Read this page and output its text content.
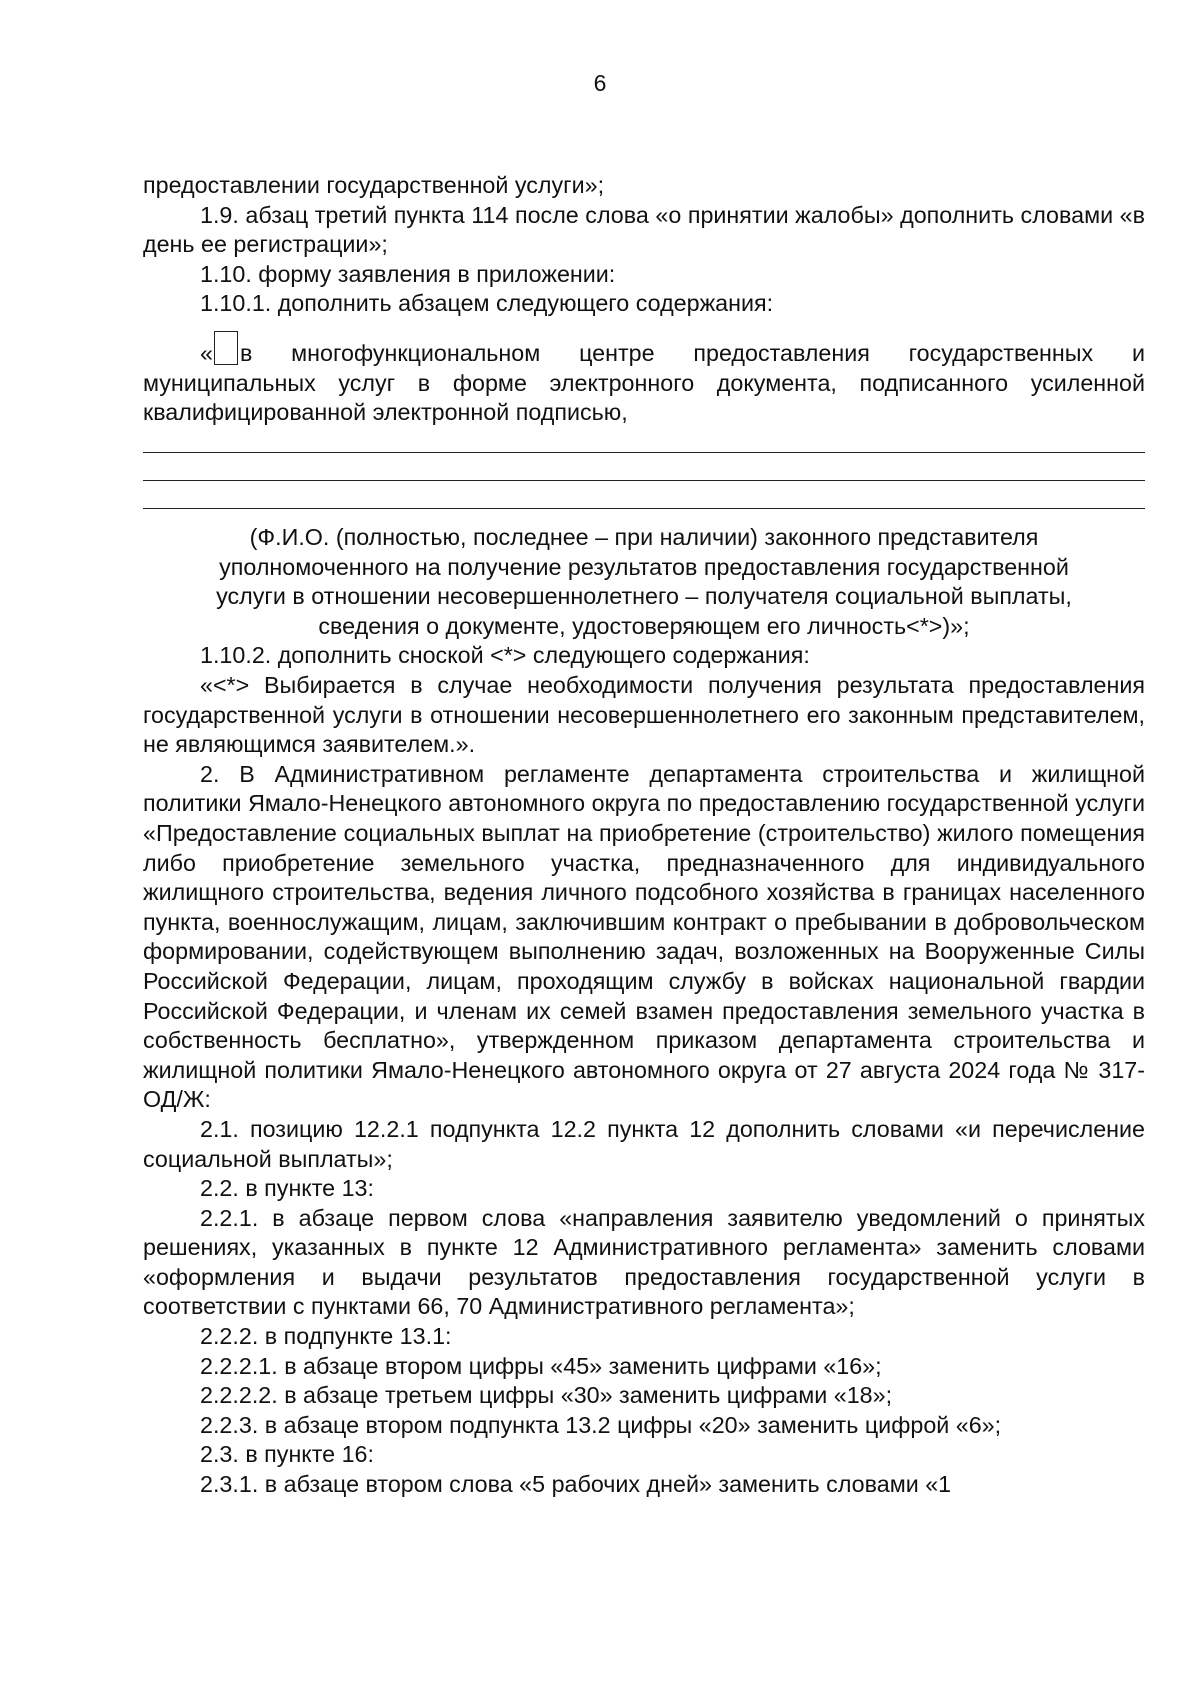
6

предоставлении государственной услуги»;

1.9. абзац третий пункта 114 после слова «о принятии жалобы» дополнить словами «в день ее регистрации»;

1.10. форму заявления в приложении:

1.10.1. дополнить абзацем следующего содержания:

« в многофункциональном центре предоставления государственных и муниципальных услуг в форме электронного документа, подписанного усиленной квалифицированной электронной подписью,

(Ф.И.О. (полностью, последнее – при наличии) законного представителя
уполномоченного на получение результатов предоставления государственной
услуги в отношении несовершеннолетнего – получателя социальной выплаты,
сведения о документе, удостоверяющем его личность<*>)»;

1.10.2. дополнить сноской <*> следующего содержания:

«<*> Выбирается в случае необходимости получения результата предоставления государственной услуги в отношении несовершеннолетнего его законным представителем, не являющимся заявителем.».

2. В Административном регламенте департамента строительства и жилищной политики Ямало-Ненецкого автономного округа по предоставлению государственной услуги «Предоставление социальных выплат на приобретение (строительство) жилого помещения либо приобретение земельного участка, предназначенного для индивидуального жилищного строительства, ведения личного подсобного хозяйства в границах населенного пункта, военнослужащим, лицам, заключившим контракт о пребывании в добровольческом формировании, содействующем выполнению задач, возложенных на Вооруженные Силы Российской Федерации, лицам, проходящим службу в войсках национальной гвардии Российской Федерации, и членам их семей взамен предоставления земельного участка в собственность бесплатно», утвержденном приказом департамента строительства и жилищной политики Ямало-Ненецкого автономного округа от 27 августа 2024 года № 317-ОД/Ж:

2.1. позицию 12.2.1 подпункта 12.2 пункта 12 дополнить словами «и перечисление социальной выплаты»;

2.2. в пункте 13:

2.2.1. в абзаце первом слова «направления заявителю уведомлений о принятых решениях, указанных в пункте 12 Административного регламента» заменить словами «оформления и выдачи результатов предоставления государственной услуги в соответствии с пунктами 66, 70 Административного регламента»;

2.2.2. в подпункте 13.1:

2.2.2.1. в абзаце втором цифры «45» заменить цифрами «16»;

2.2.2.2. в абзаце третьем цифры «30» заменить цифрами «18»;

2.2.3. в абзаце втором подпункта 13.2 цифры «20» заменить цифрой «6»;

2.3. в пункте 16:

2.3.1. в абзаце втором слова «5 рабочих дней» заменить словами «1
